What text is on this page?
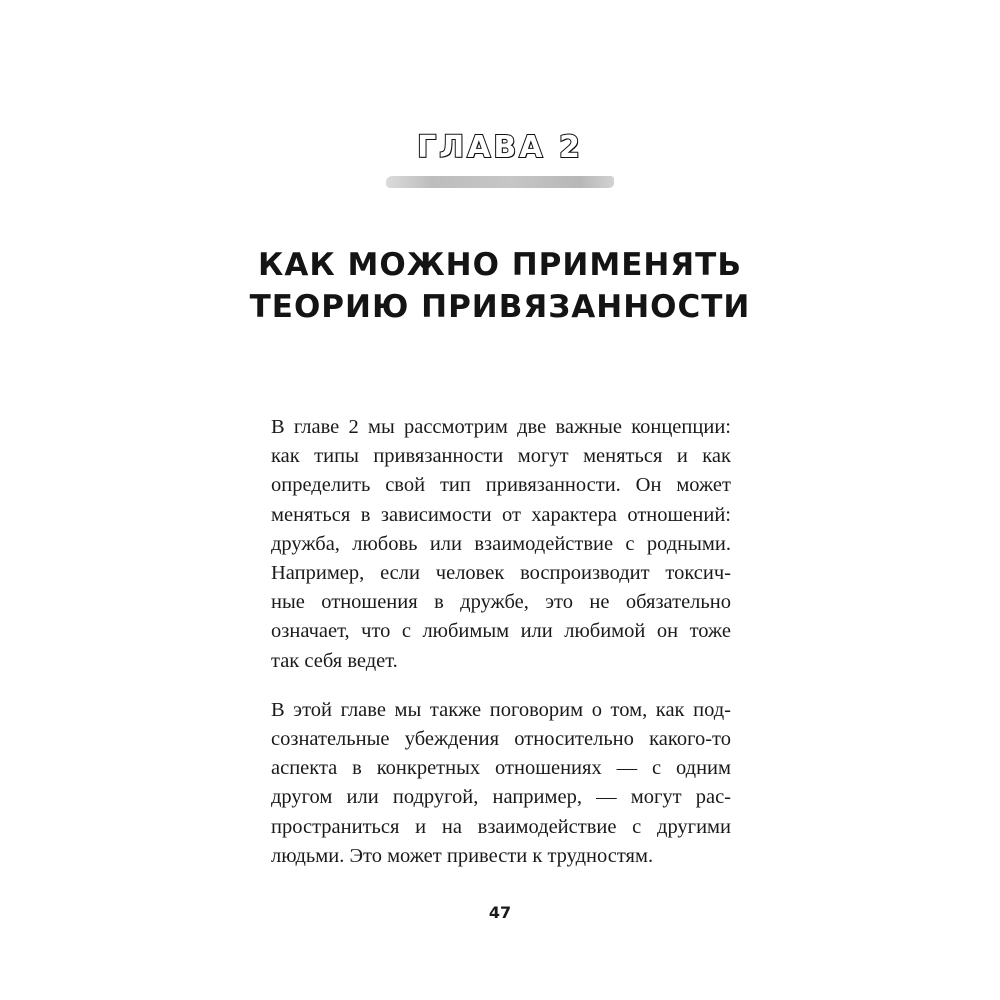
ГЛАВА 2
КАК МОЖНО ПРИМЕНЯТЬ
ТЕОРИЮ ПРИВЯЗАННОСТИ

В главе 2 мы рассмотрим две важные концепции:
как типы привязанности могут меняться и как
определить свой тип привязанности. Он может
меняться в зависимости от характера отношений:
дружба, любовь или взаимодействие с родными.
Например, если человек воспроизводит токсич-
ные отношения в дружбе, это не обязательно
означает, что с любимым или любимой он тоже
так себя ведет.

В этой главе мы также поговорим о том, как под-
сознательные убеждения относительно какого-то
аспекта в конкретных отношениях — с одним
другом или подругой, например, — могут рас-
пространиться и на взаимодействие с другими
людьми. Это может привести к трудностям.

47
